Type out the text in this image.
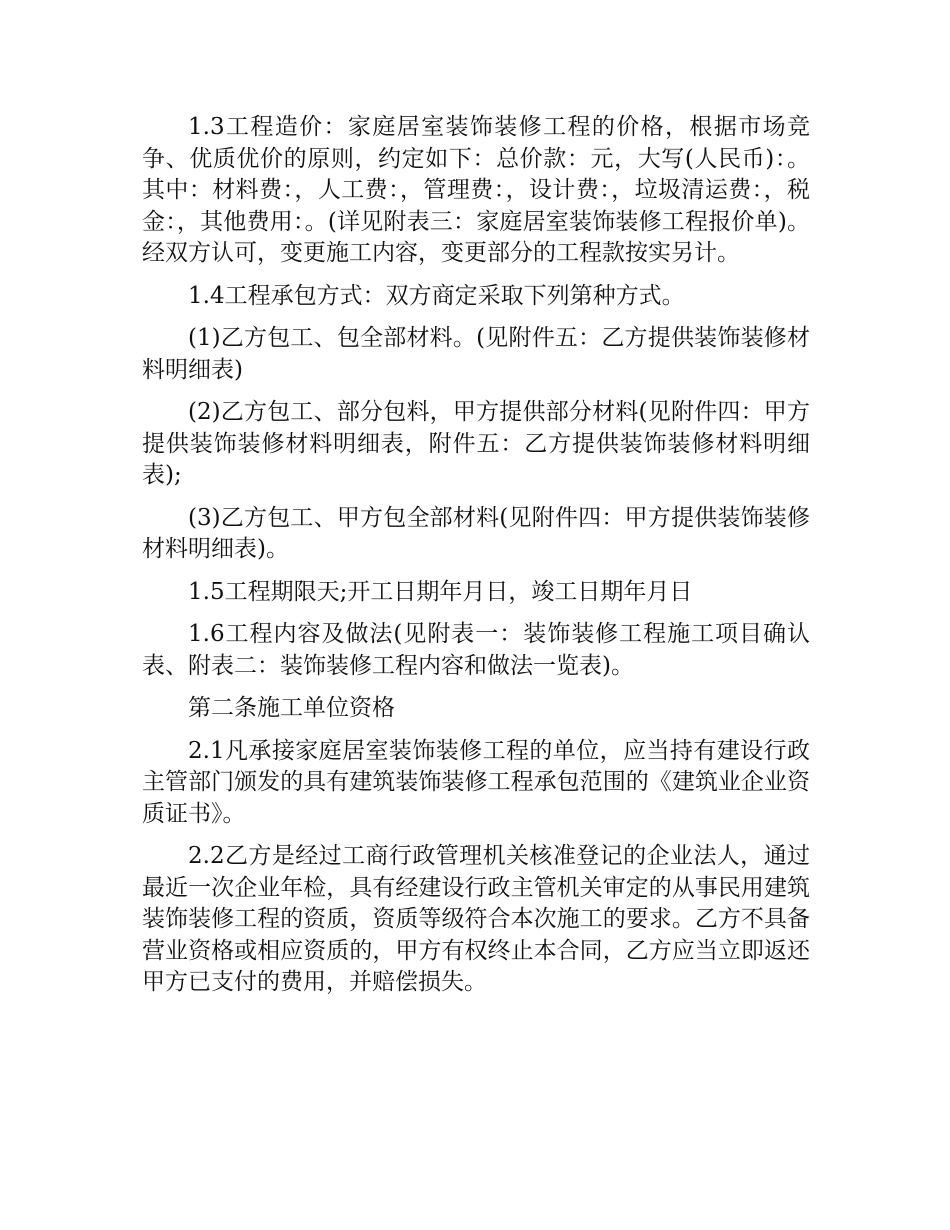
1.3工程造价：家庭居室装饰装修工程的价格，根据市场竞争、优质优价的原则，约定如下：总价款：元，大写(人民币)：。其中：材料费：，人工费：，管理费：，设计费：，垃圾清运费：，税金：，其他费用：。(详见附表三：家庭居室装饰装修工程报价单)。经双方认可，变更施工内容，变更部分的工程款按实另计。

1.4工程承包方式：双方商定采取下列第种方式。

(1)乙方包工、包全部材料。(见附件五：乙方提供装饰装修材料明细表)

(2)乙方包工、部分包料，甲方提供部分材料(见附件四：甲方提供装饰装修材料明细表，附件五：乙方提供装饰装修材料明细表);

(3)乙方包工、甲方包全部材料(见附件四：甲方提供装饰装修材料明细表)。

1.5工程期限天;开工日期年月日，竣工日期年月日

1.6工程内容及做法(见附表一：装饰装修工程施工项目确认表、附表二：装饰装修工程内容和做法一览表)。

第二条施工单位资格

2.1凡承接家庭居室装饰装修工程的单位，应当持有建设行政主管部门颁发的具有建筑装饰装修工程承包范围的《建筑业企业资质证书》。

2.2乙方是经过工商行政管理机关核准登记的企业法人，通过最近一次企业年检，具有经建设行政主管机关审定的从事民用建筑装饰装修工程的资质，资质等级符合本次施工的要求。乙方不具备营业资格或相应资质的，甲方有权终止本合同，乙方应当立即返还甲方已支付的费用，并赔偿损失。
